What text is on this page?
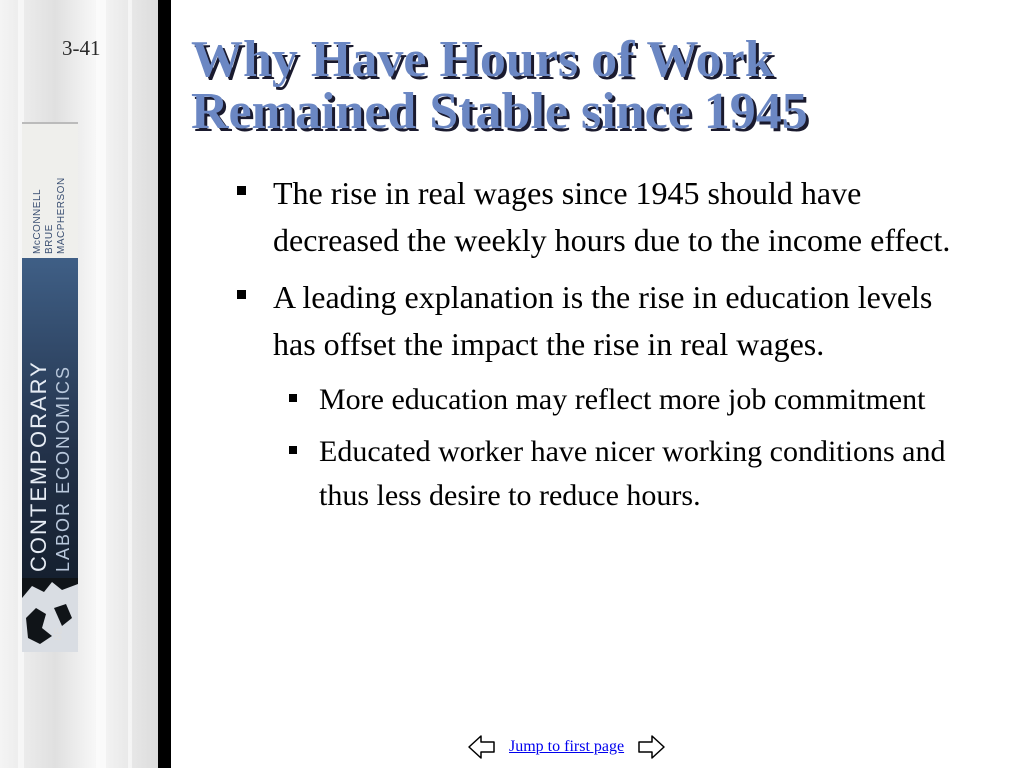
3-41
McCONNELL BRUE MACPHERSON
CONTEMPORARY LABOR ECONOMICS
8E
Why Have Hours of Work
Remained Stable since 1945
The rise in real wages since 1945 should have decreased the weekly hours due to the income effect.
A leading explanation is the rise in education levels has offset the impact the rise in real wages.
More education may reflect more job commitment
Educated worker have nicer working conditions and thus less desire to reduce hours.
Jump to first page
